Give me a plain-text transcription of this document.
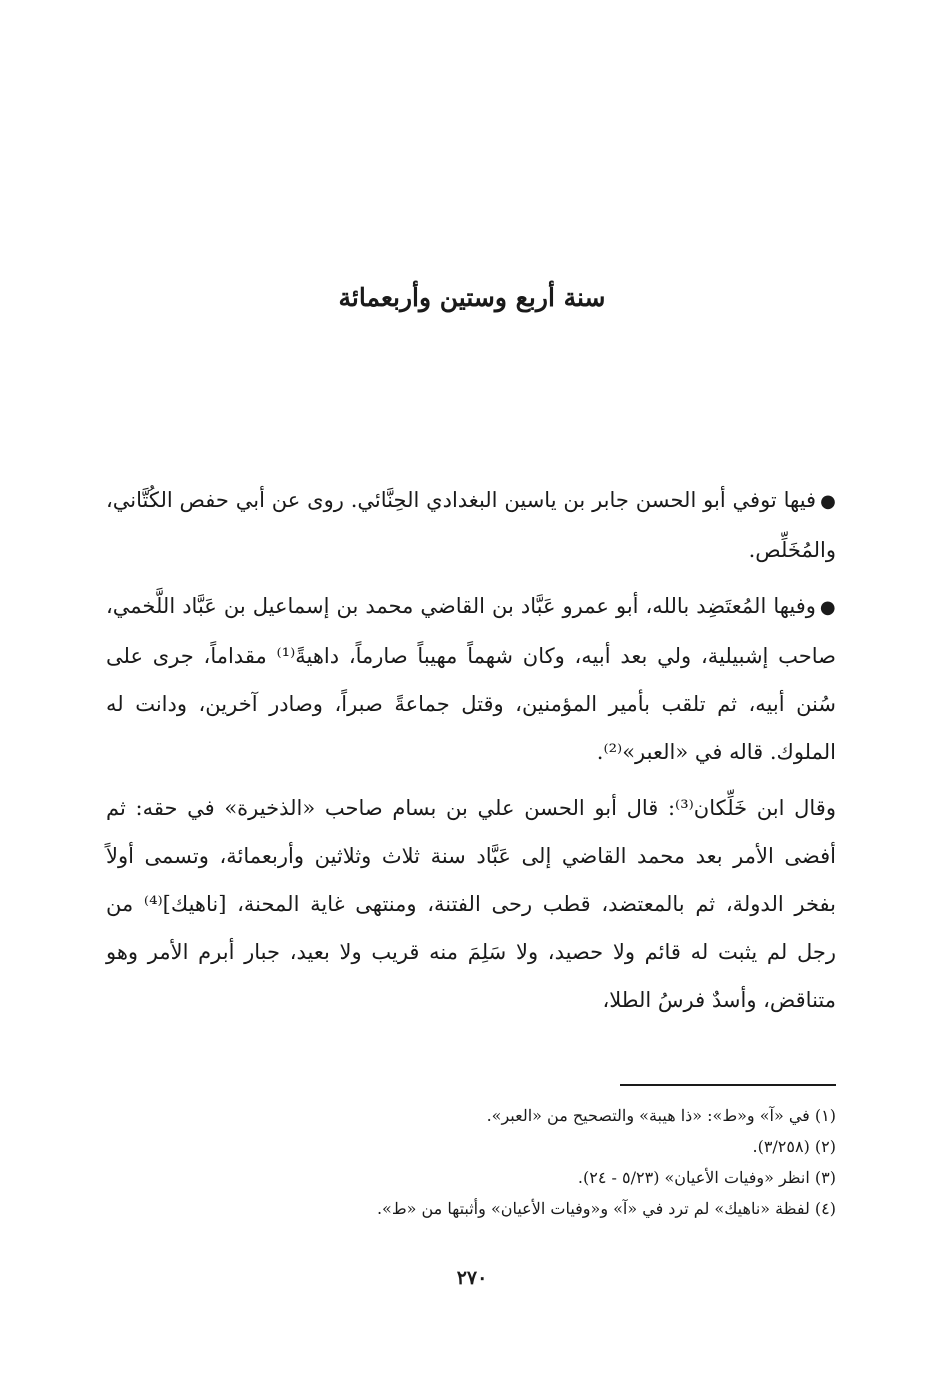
سنة أربع وستين وأربعمائة

●فيها توفي أبو الحسن جابر بن ياسين البغدادي الحِنَّائي. روى عن أبي حفص الكُتَّاني، والمُخَلِّص.

●وفيها المُعتَضِد بالله، أبو عمرو عَبَّاد بن القاضي محمد بن إسماعيل بن عَبَّاد اللَّخمي، صاحب إشبيلية، ولي بعد أبيه، وكان شهماً مهيباً صارماً، داهيةً⁽¹⁾ مقداماً، جرى على سُنن أبيه، ثم تلقب بأمير المؤمنين، وقتل جماعةً صبراً، وصادر آخرين، ودانت له الملوك. قاله في «العبر»⁽²⁾.

وقال ابن خَلِّكان⁽³⁾: قال أبو الحسن علي بن بسام صاحب «الذخيرة» في حقه: ثم أفضى الأمر بعد محمد القاضي إلى عَبَّاد سنة ثلاث وثلاثين وأربعمائة، وتسمى أولاً بفخر الدولة، ثم بالمعتضد، قطب رحى الفتنة، ومنتهى غاية المحنة، [ناهيك]⁽⁴⁾ من رجل لم يثبت له قائم ولا حصيد، ولا سَلِمَ منه قريب ولا بعيد، جبار أبرم الأمر وهو متناقض، وأسدٌ فرسُ الطلا،

(١) في «آ» و«ط»: «ذا هيبة» والتصحيح من «العبر».

(٢) (٣/٢٥٨).

(٣) انظر «وفيات الأعيان» (٥/٢٣ - ٢٤).

(٤) لفظة «ناهيك» لم ترد في «آ» و«وفيات الأعيان» وأثبتها من «ط».

٢٧٠
